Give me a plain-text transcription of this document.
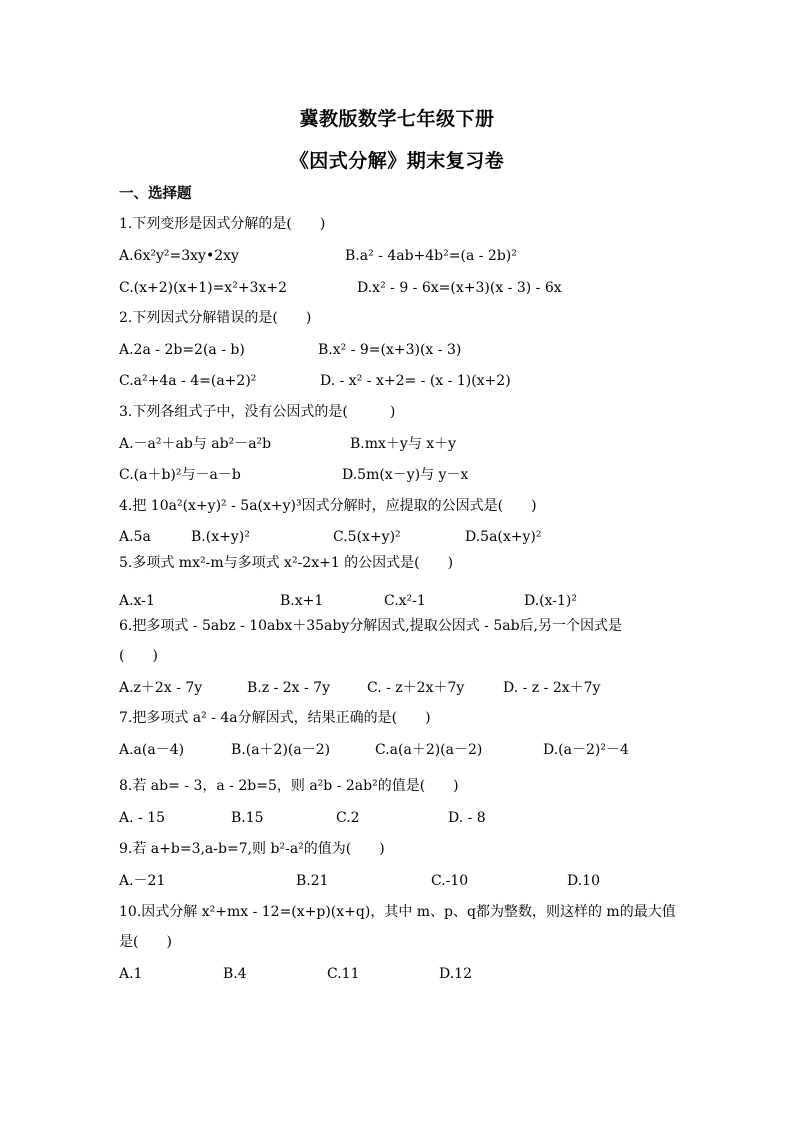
冀教版数学七年级下册
《因式分解》期末复习卷
一、选择题
1.下列变形是因式分解的是(　　)
A.6x²y²=3xy•2xy	B.a² - 4ab+4b²=(a - 2b)²
C.(x+2)(x+1)=x²+3x+2	D.x² - 9 - 6x=(x+3)(x - 3) - 6x
2.下列因式分解错误的是(　　)
A.2a - 2b=2(a - b)	B.x² - 9=(x+3)(x - 3)
C.a²+4a - 4=(a+2)²	D. - x² - x+2= - (x - 1)(x+2)
3.下列各组式子中，没有公因式的是(　　　)
A.－a²＋ab与 ab²－a²b	B.mx＋y与 x＋y
C.(a＋b)²与－a－b	D.5m(x－y)与 y－x
4.把 10a²(x+y)² - 5a(x+y)³因式分解时，应提取的公因式是(　　)
A.5a	B.(x+y)²	C.5(x+y)²	D.5a(x+y)²
5.多项式 mx²-m与多项式 x²-2x+1 的公因式是(　　)
A.x-1	B.x+1	C.x²-1	D.(x-1)²
6.把多项式 - 5abz - 10abx＋35aby分解因式,提取公因式 - 5ab后,另一个因式是
(　　)
A.z＋2x - 7y	B.z - 2x - 7y	C. - z＋2x＋7y	D. - z - 2x＋7y
7.把多项式 a² - 4a分解因式，结果正确的是(　　)
A.a(a－4)	B.(a＋2)(a－2)	C.a(a＋2)(a－2)	D.(a－2)²－4
8.若 ab= - 3，a - 2b=5，则 a²b - 2ab²的值是(　　)
A. - 15	B.15	C.2	D. - 8
9.若 a+b=3,a-b=7,则 b²-a²的值为(　　)
A.－21	B.21	C.-10	D.10
10.因式分解 x²+mx - 12=(x+p)(x+q)，其中 m、p、q都为整数，则这样的 m的最大值
是(　　)
A.1	B.4	C.11	D.12
